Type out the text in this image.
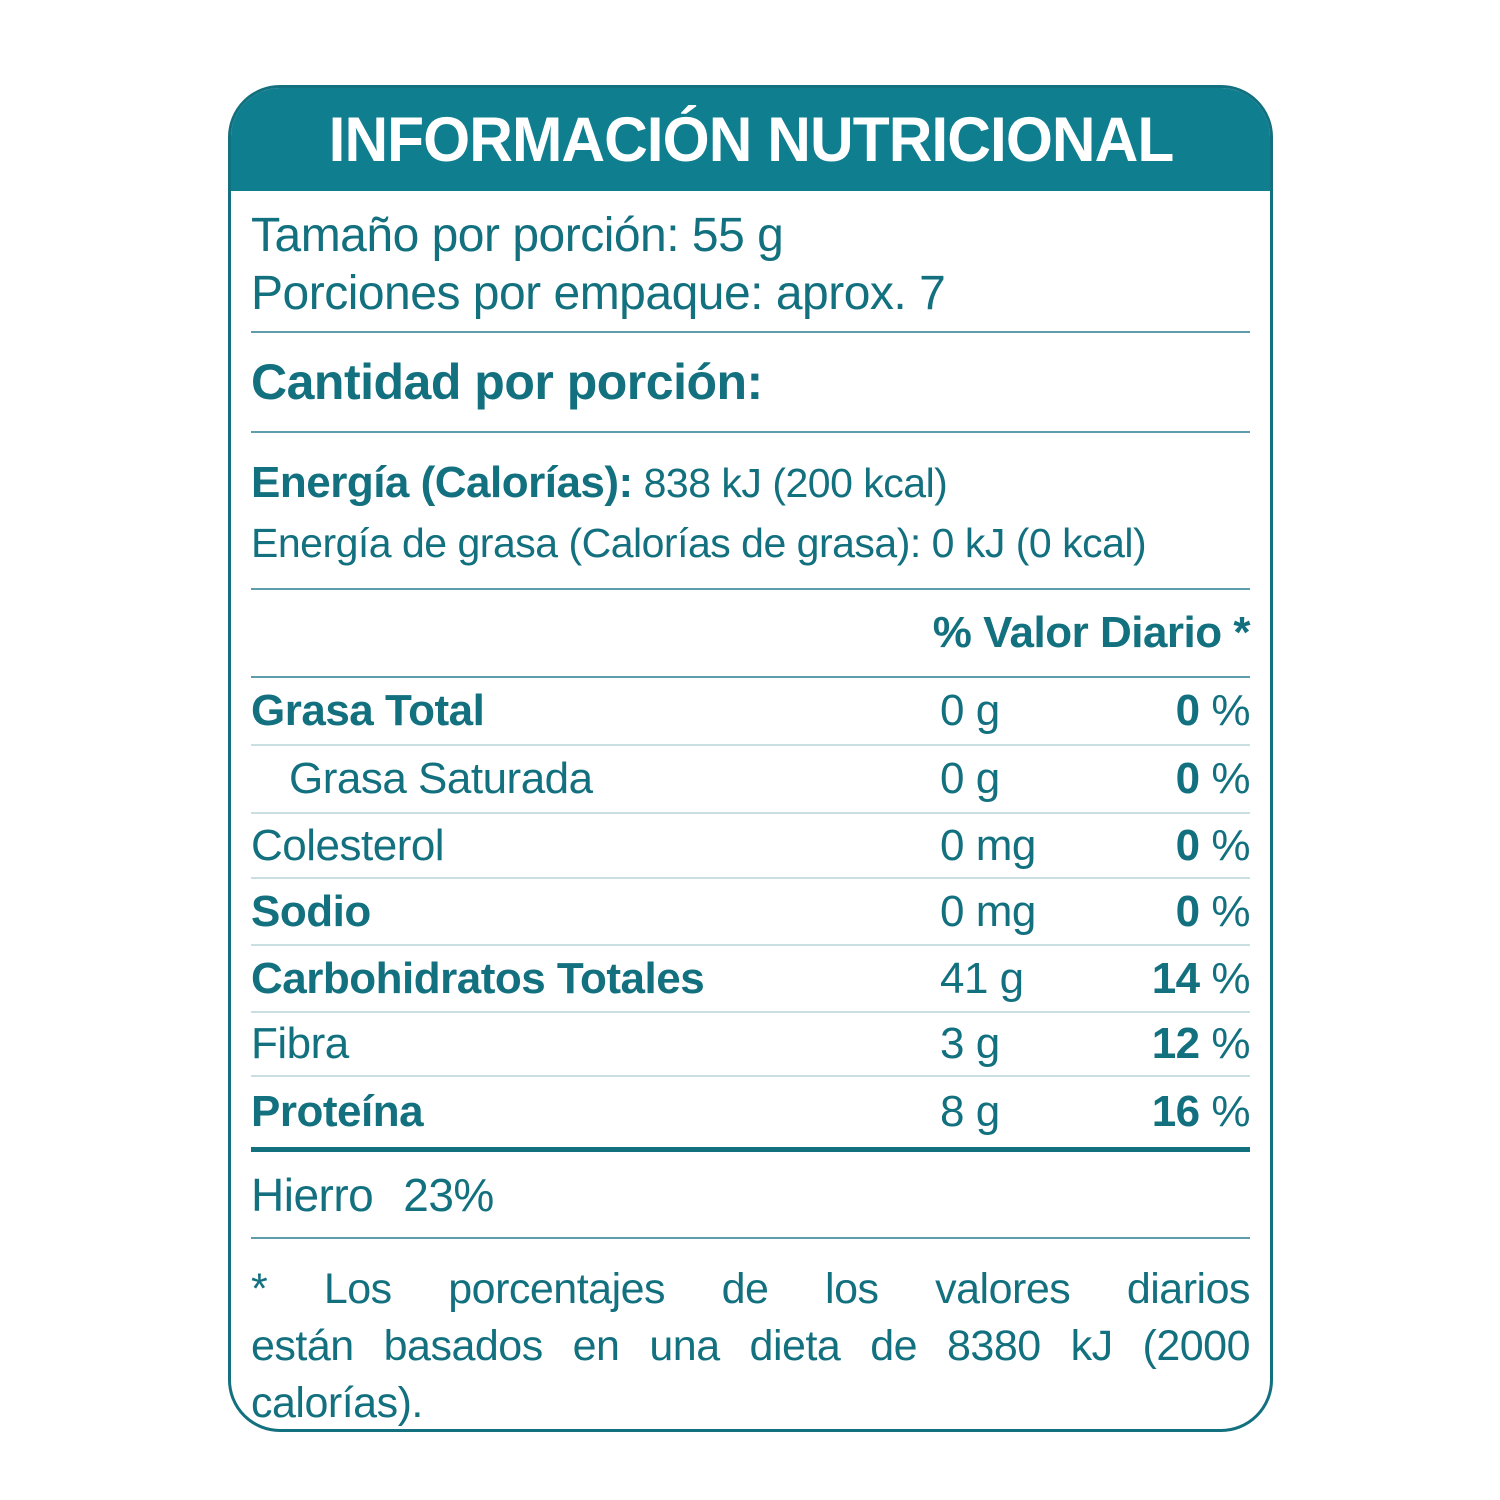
INFORMACIÓN NUTRICIONAL
Tamaño por porción: 55 g
Porciones por empaque: aprox. 7
Cantidad por porción:
Energía (Calorías): 838 kJ (200 kcal)
Energía de grasa (Calorías de grasa): 0 kJ (0 kcal)
% Valor Diario *
Grasa Total	0 g	0 %
Grasa Saturada	0 g	0 %
Colesterol	0 mg	0 %
Sodio	0 mg	0 %
Carbohidratos Totales	41 g	14 %
Fibra	3 g	12 %
Proteína	8 g	16 %
Hierro 23%
* Los porcentajes de los valores diarios
están basados en una dieta de 8380 kJ (2000
calorías).
